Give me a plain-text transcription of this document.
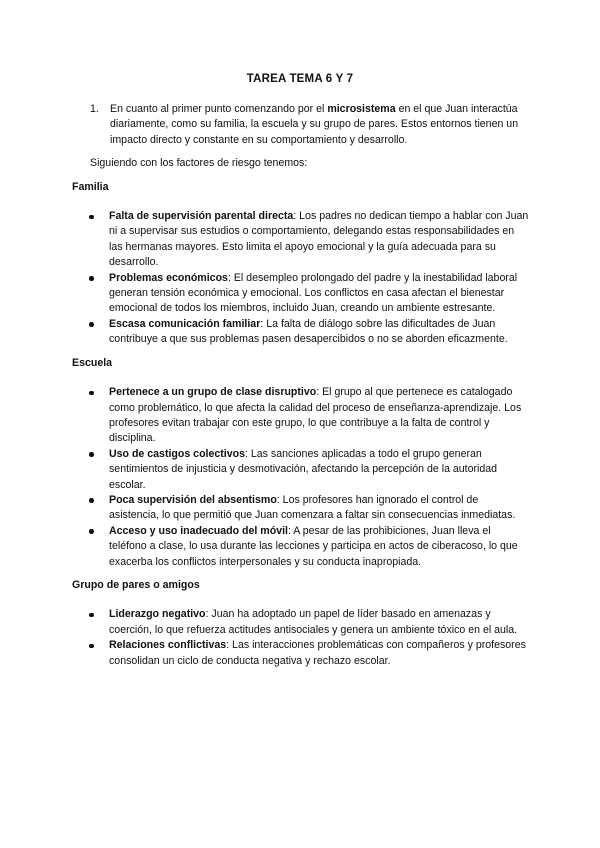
TAREA TEMA 6 Y 7
1. En cuanto al primer punto comenzando por el microsistema en el que Juan interactúa diariamente, como su familia, la escuela y su grupo de pares. Estos entornos tienen un impacto directo y constante en su comportamiento y desarrollo.
Siguiendo con los factores de riesgo tenemos:
Familia
Falta de supervisión parental directa: Los padres no dedican tiempo a hablar con Juan ni a supervisar sus estudios o comportamiento, delegando estas responsabilidades en las hermanas mayores. Esto limita el apoyo emocional y la guía adecuada para su desarrollo.
Problemas económicos: El desempleo prolongado del padre y la inestabilidad laboral generan tensión económica y emocional. Los conflictos en casa afectan el bienestar emocional de todos los miembros, incluido Juan, creando un ambiente estresante.
Escasa comunicación familiar: La falta de diálogo sobre las dificultades de Juan contribuye a que sus problemas pasen desapercibidos o no se aborden eficazmente.
Escuela
Pertenece a un grupo de clase disruptivo: El grupo al que pertenece es catalogado como problemático, lo que afecta la calidad del proceso de enseñanza-aprendizaje. Los profesores evitan trabajar con este grupo, lo que contribuye a la falta de control y disciplina.
Uso de castigos colectivos: Las sanciones aplicadas a todo el grupo generan sentimientos de injusticia y desmotivación, afectando la percepción de la autoridad escolar.
Poca supervisión del absentismo: Los profesores han ignorado el control de asistencia, lo que permitió que Juan comenzara a faltar sin consecuencias inmediatas.
Acceso y uso inadecuado del móvil: A pesar de las prohibiciones, Juan lleva el teléfono a clase, lo usa durante las lecciones y participa en actos de ciberacoso, lo que exacerba los conflictos interpersonales y su conducta inapropiada.
Grupo de pares o amigos
Liderazgo negativo: Juan ha adoptado un papel de líder basado en amenazas y coerción, lo que refuerza actitudes antisociales y genera un ambiente tóxico en el aula.
Relaciones conflictivas: Las interacciones problemáticas con compañeros y profesores consolidan un ciclo de conducta negativa y rechazo escolar.
